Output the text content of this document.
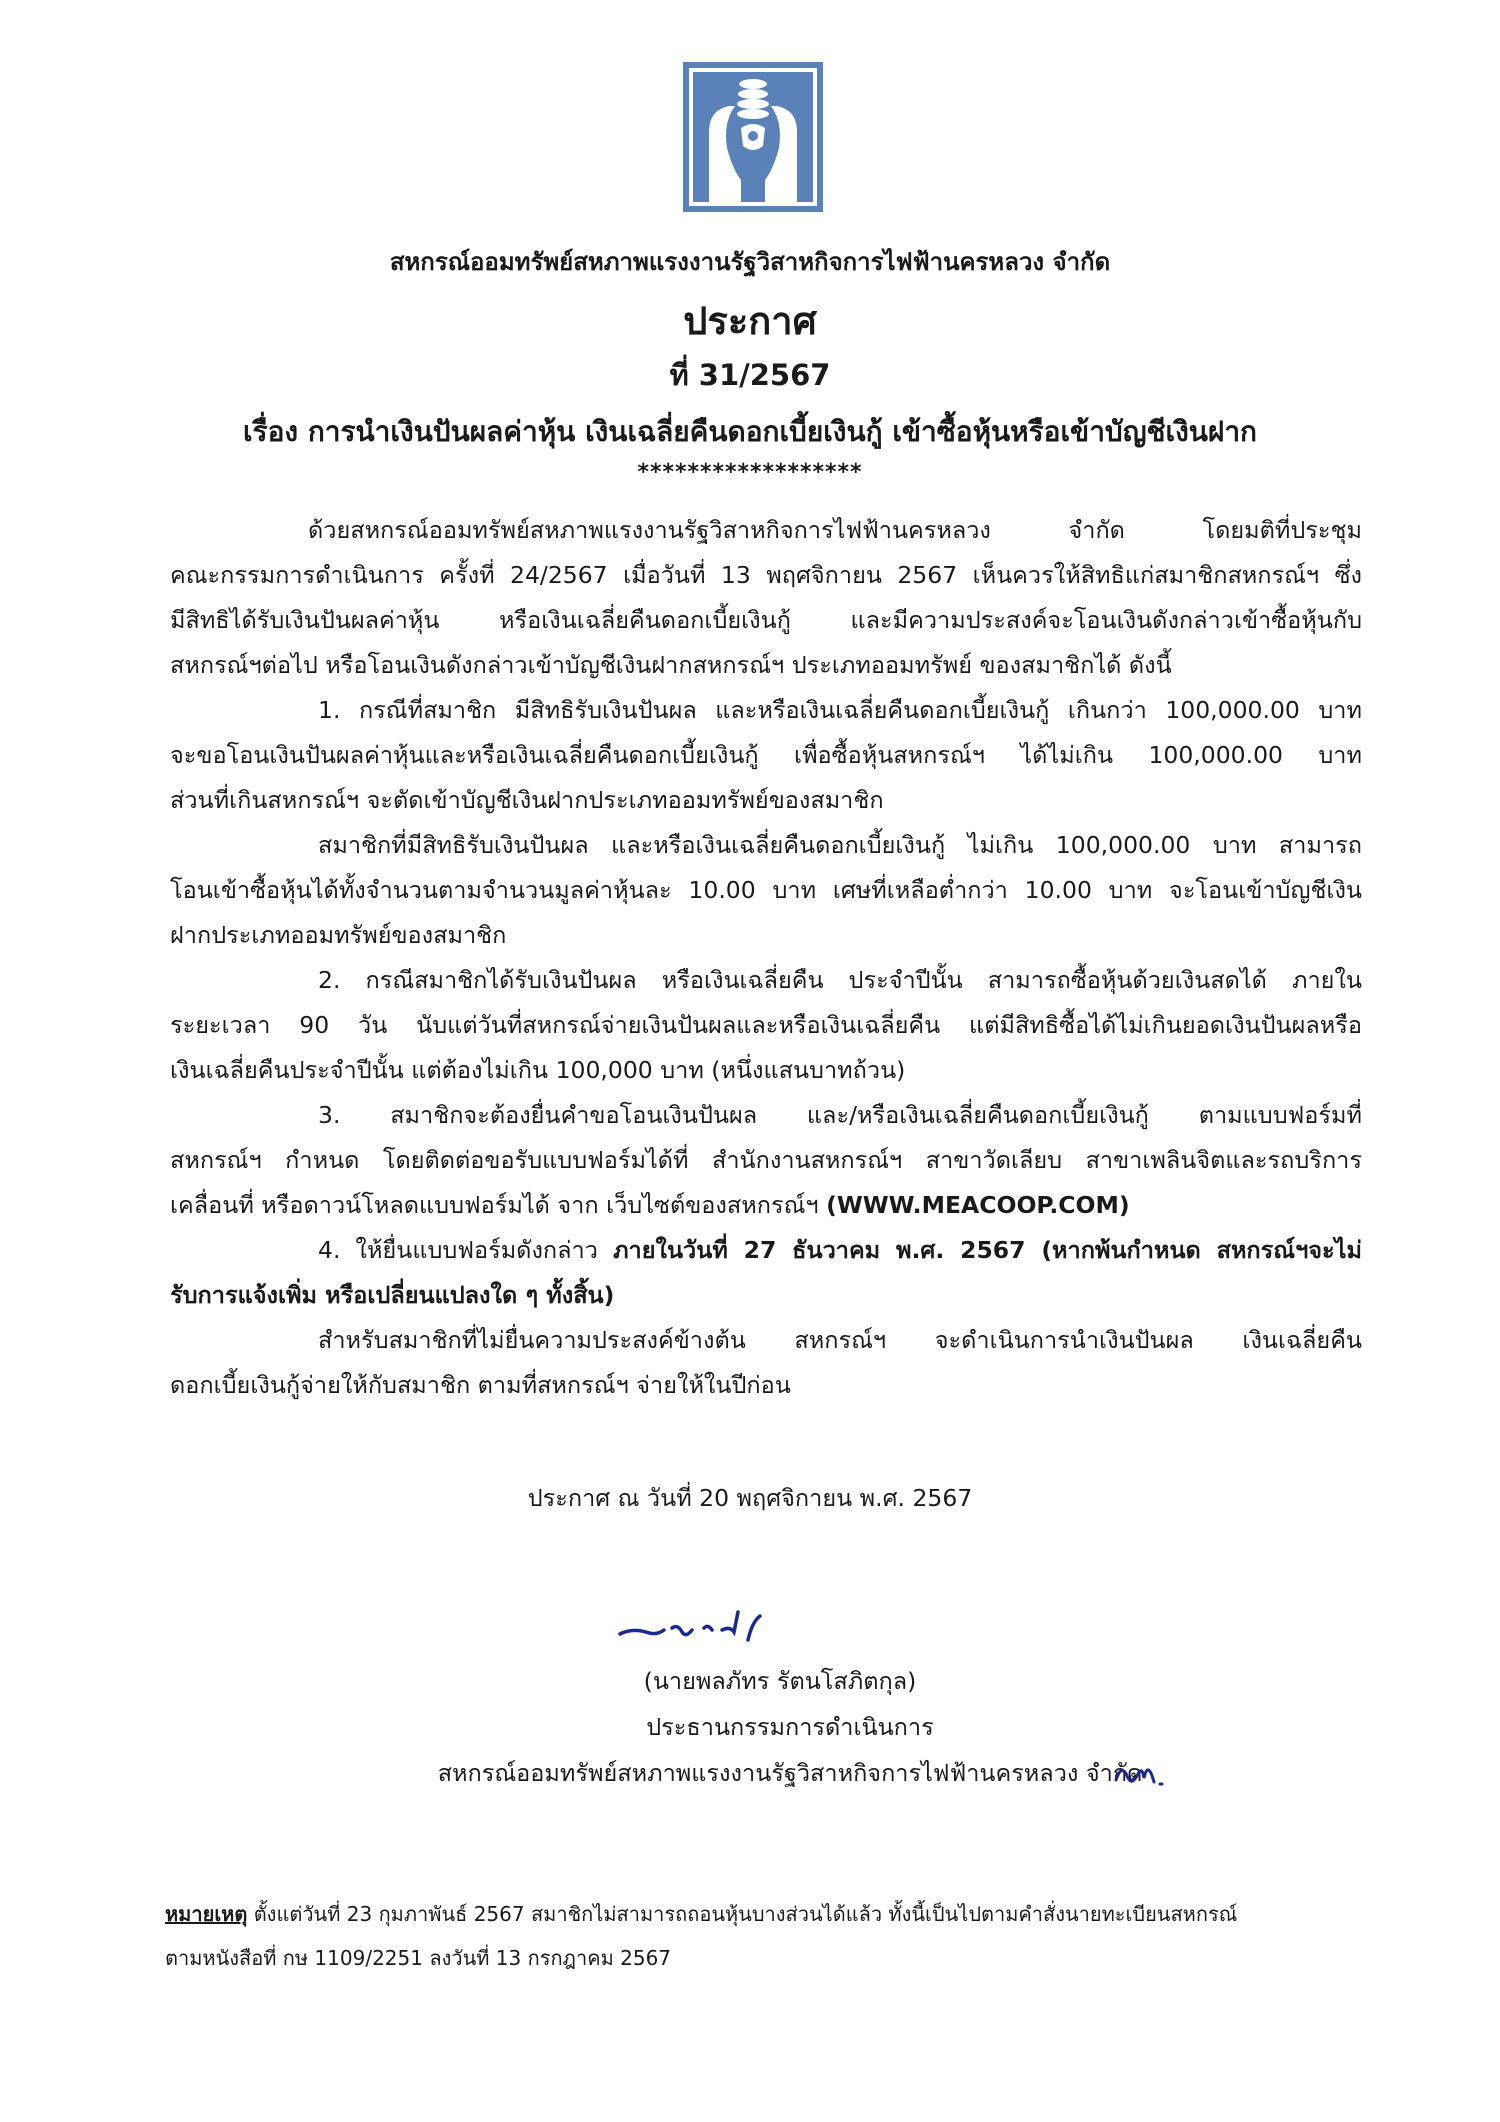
สหกรณ์ออมทรัพย์สหภาพแรงงานรัฐวิสาหกิจการไฟฟ้านครหลวง จำกัด
ประกาศ
ที่ 31/2567
เรื่อง การนำเงินปันผลค่าหุ้น เงินเฉลี่ยคืนดอกเบี้ยเงินกู้ เข้าซื้อหุ้นหรือเข้าบัญชีเงินฝาก
******************

ด้วยสหกรณ์ออมทรัพย์สหภาพแรงงานรัฐวิสาหกิจการไฟฟ้านครหลวง จำกัด โดยมติที่ประชุม

คณะกรรมการดำเนินการ ครั้งที่ 24/2567 เมื่อวันที่ 13 พฤศจิกายน 2567 เห็นควรให้สิทธิแก่สมาชิกสหกรณ์ฯ ซึ่ง

มีสิทธิได้รับเงินปันผลค่าหุ้น หรือเงินเฉลี่ยคืนดอกเบี้ยเงินกู้ และมีความประสงค์จะโอนเงินดังกล่าวเข้าซื้อหุ้นกับ

สหกรณ์ฯต่อไป หรือโอนเงินดังกล่าวเข้าบัญชีเงินฝากสหกรณ์ฯ ประเภทออมทรัพย์ ของสมาชิกได้ ดังนี้

1. กรณีที่สมาชิก มีสิทธิรับเงินปันผล และหรือเงินเฉลี่ยคืนดอกเบี้ยเงินกู้ เกินกว่า 100,000.00 บาท

จะขอโอนเงินปันผลค่าหุ้นและหรือเงินเฉลี่ยคืนดอกเบี้ยเงินกู้ เพื่อซื้อหุ้นสหกรณ์ฯ ได้ไม่เกิน 100,000.00 บาท

ส่วนที่เกินสหกรณ์ฯ จะตัดเข้าบัญชีเงินฝากประเภทออมทรัพย์ของสมาชิก

สมาชิกที่มีสิทธิรับเงินปันผล และหรือเงินเฉลี่ยคืนดอกเบี้ยเงินกู้ ไม่เกิน 100,000.00 บาท สามารถ

โอนเข้าซื้อหุ้นได้ทั้งจำนวนตามจำนวนมูลค่าหุ้นละ 10.00 บาท เศษที่เหลือต่ำกว่า 10.00 บาท จะโอนเข้าบัญชีเงิน

ฝากประเภทออมทรัพย์ของสมาชิก

2. กรณีสมาชิกได้รับเงินปันผล หรือเงินเฉลี่ยคืน ประจำปีนั้น สามารถซื้อหุ้นด้วยเงินสดได้ ภายใน

ระยะเวลา 90 วัน นับแต่วันที่สหกรณ์จ่ายเงินปันผลและหรือเงินเฉลี่ยคืน แต่มีสิทธิซื้อได้ไม่เกินยอดเงินปันผลหรือ

เงินเฉลี่ยคืนประจำปีนั้น แต่ต้องไม่เกิน 100,000 บาท (หนึ่งแสนบาทถ้วน)

3. สมาชิกจะต้องยื่นคำขอโอนเงินปันผล และ/หรือเงินเฉลี่ยคืนดอกเบี้ยเงินกู้ ตามแบบฟอร์มที่

สหกรณ์ฯ กำหนด โดยติดต่อขอรับแบบฟอร์มได้ที่ สำนักงานสหกรณ์ฯ สาขาวัดเลียบ สาขาเพลินจิตและรถบริการ

เคลื่อนที่ หรือดาวน์โหลดแบบฟอร์มได้ จาก เว็บไซต์ของสหกรณ์ฯ (WWW.MEACOOP.COM)

4. ให้ยื่นแบบฟอร์มดังกล่าว ภายในวันที่ 27 ธันวาคม พ.ศ. 2567 (หากพ้นกำหนด สหกรณ์ฯจะไม่

รับการแจ้งเพิ่ม หรือเปลี่ยนแปลงใด ๆ ทั้งสิ้น)

สำหรับสมาชิกที่ไม่ยื่นความประสงค์ข้างต้น สหกรณ์ฯ จะดำเนินการนำเงินปันผล เงินเฉลี่ยคืน

ดอกเบี้ยเงินกู้จ่ายให้กับสมาชิก ตามที่สหกรณ์ฯ จ่ายให้ในปีก่อน

ประกาศ ณ วันที่ 20 พฤศจิกายน พ.ศ. 2567
(นายพลภัทร รัตนโสภิตกุล)
ประธานกรรมการดำเนินการ
สหกรณ์ออมทรัพย์สหภาพแรงงานรัฐวิสาหกิจการไฟฟ้านครหลวง จำกัด

หมายเหตุ ตั้งแต่วันที่ 23 กุมภาพันธ์ 2567 สมาชิกไม่สามารถถอนหุ้นบางส่วนได้แล้ว ทั้งนี้เป็นไปตามคำสั่งนายทะเบียนสหกรณ์

ตามหนังสือที่ กษ 1109/2251 ลงวันที่ 13 กรกฎาคม 2567
